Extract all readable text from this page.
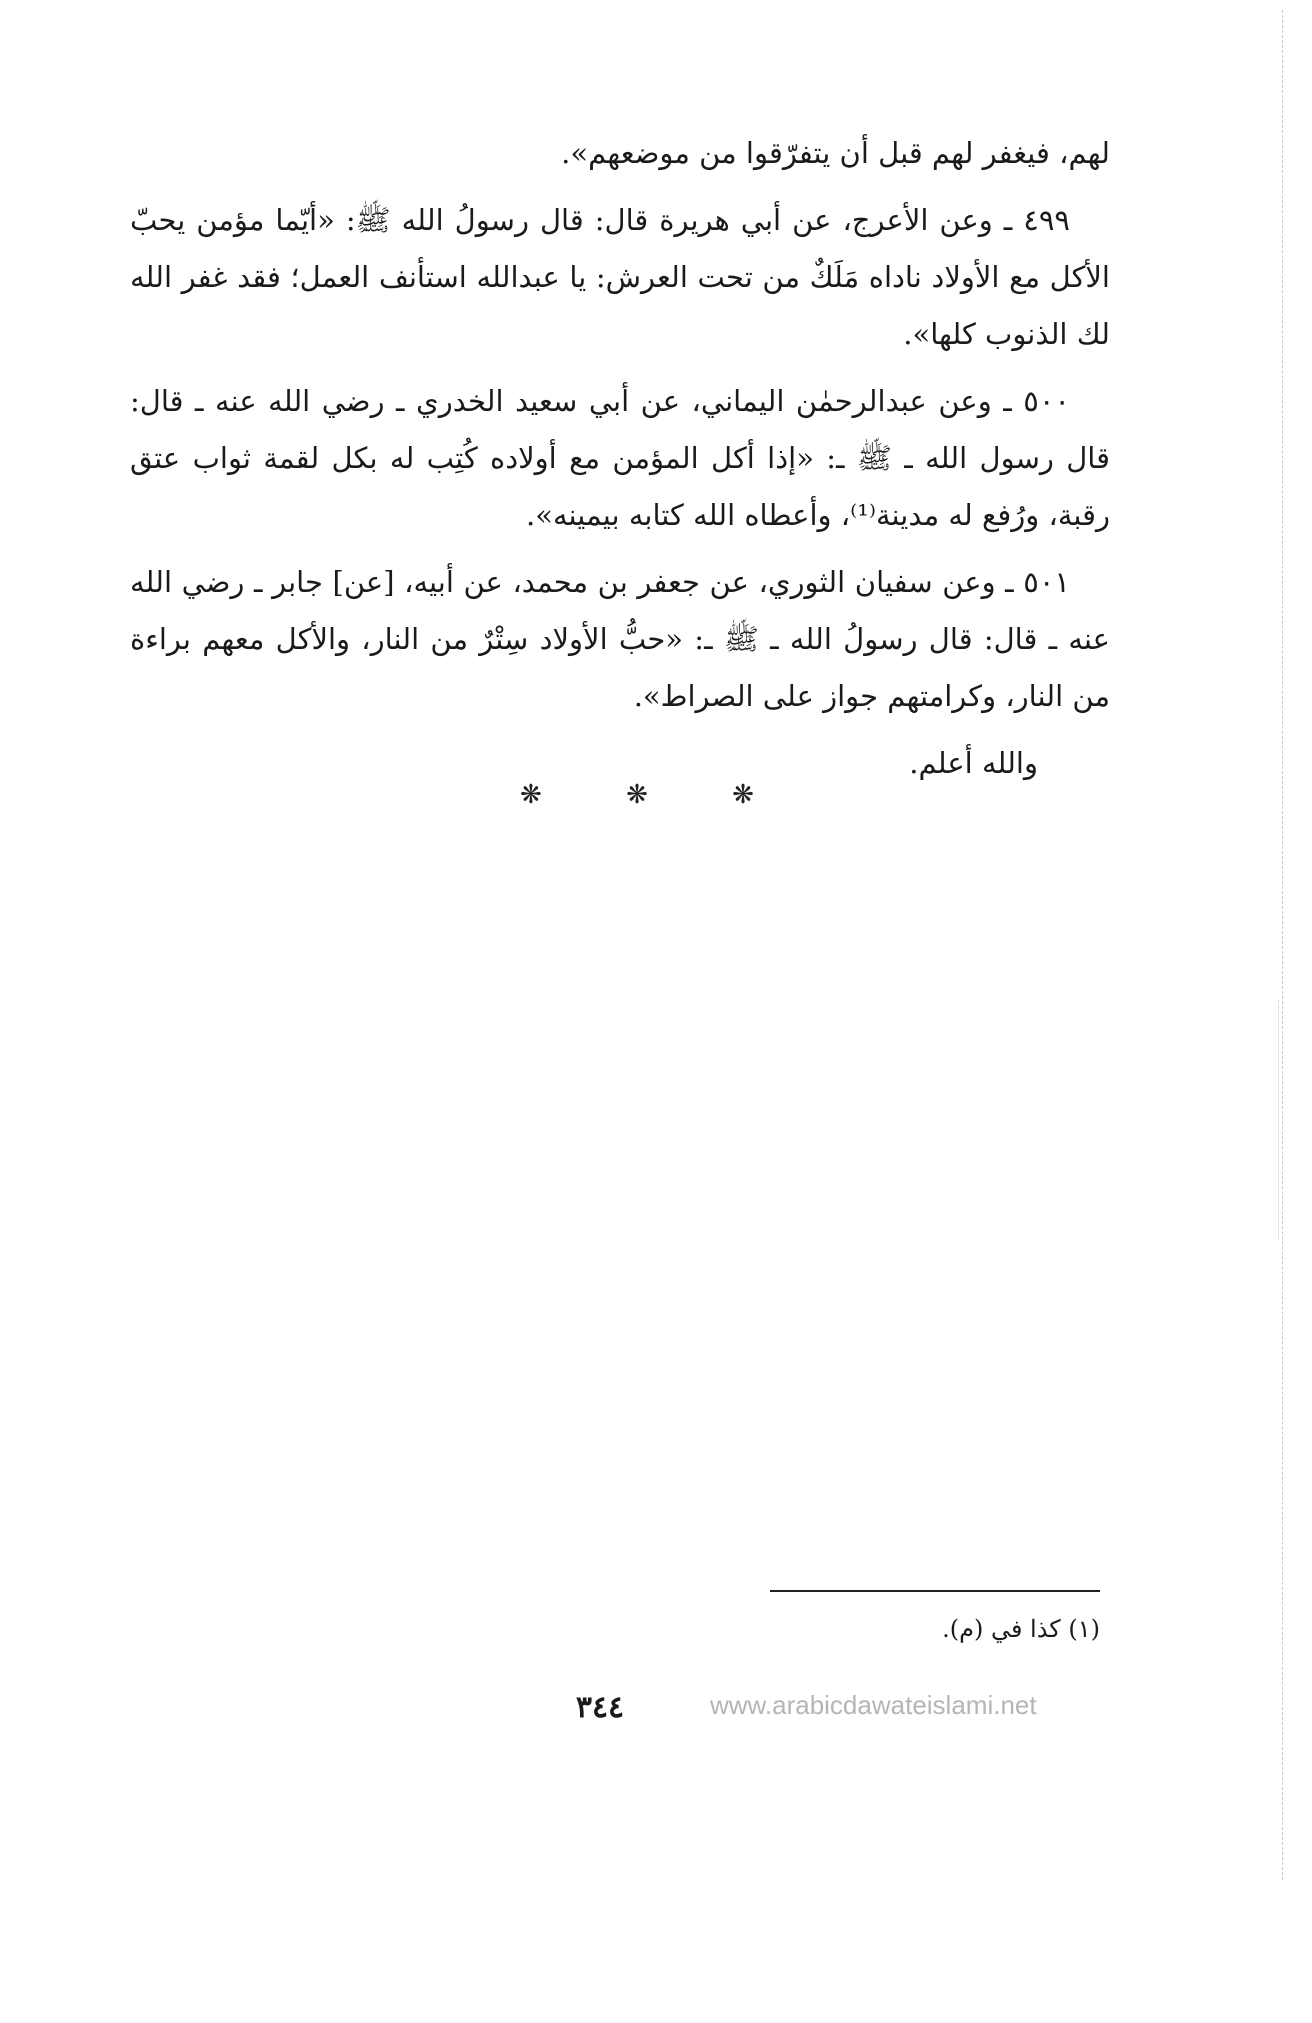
لهم، فيغفر لهم قبل أن يتفرّقوا من موضعهم».

٤٩٩ ـ وعن الأعرج، عن أبي هريرة قال: قال رسولُ الله ﷺ: «أيّما مؤمن يحبّ الأكل مع الأولاد ناداه مَلَكٌ من تحت العرش: يا عبدالله استأنف العمل؛ فقد غفر الله لك الذنوب كلها».

٥٠٠ ـ وعن عبدالرحمٰن اليماني، عن أبي سعيد الخدري ـ رضي الله عنه ـ قال: قال رسول الله ـ ﷺ ـ: «إذا أكل المؤمن مع أولاده كُتِب له بكل لقمة ثواب عتق رقبة، ورُفع له مدينة⁽¹⁾، وأعطاه الله كتابه بيمينه».

٥٠١ ـ وعن سفيان الثوري، عن جعفر بن محمد، عن أبيه، [عن] جابر ـ رضي الله عنه ـ قال: قال رسولُ الله ـ ﷺ ـ: «حبُّ الأولاد سِتْرٌ من النار، والأكل معهم براءة من النار، وكرامتهم جواز على الصراط».

والله أعلم.

❋ ❋ ❋
(١) كذا في (م).
٣٤٤	www.arabicdawateislami.net
